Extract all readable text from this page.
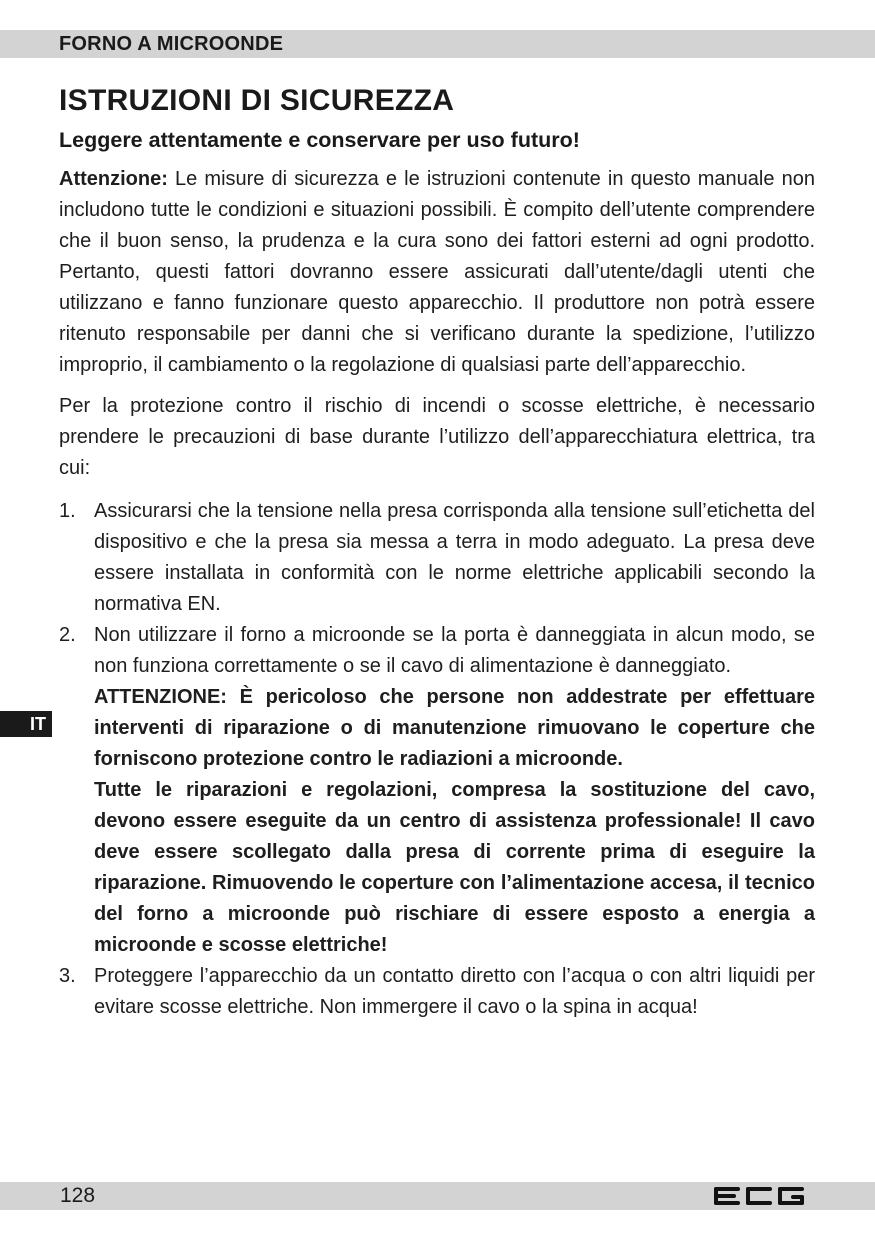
FORNO A MICROONDE
ISTRUZIONI DI SICUREZZA
Leggere attentamente e conservare per uso futuro!

Attenzione: Le misure di sicurezza e le istruzioni contenute in questo manuale non includono tutte le condizioni e situazioni possibili. È compito dell’utente comprendere che il buon senso, la prudenza e la cura sono dei fattori esterni ad ogni prodotto. Pertanto, questi fattori dovranno essere assicurati dall’utente/dagli utenti che utilizzano e fanno funzionare questo apparecchio. Il produttore non potrà essere ritenuto responsabile per danni che si verificano durante la spedizione, l’utilizzo improprio, il cambiamento o la regolazione di qualsiasi parte dell’apparecchio.

Per la protezione contro il rischio di incendi o scosse elettriche, è necessario prendere le precauzioni di base durante l’utilizzo dell’apparecchiatura elettrica, tra cui:

1. Assicurarsi che la tensione nella presa corrisponda alla tensione sull’etichetta del dispositivo e che la presa sia messa a terra in modo adeguato. La presa deve essere installata in conformità con le norme elettriche applicabili secondo la normativa EN.

2. Non utilizzare il forno a microonde se la porta è danneggiata in alcun modo, se non funziona correttamente o se il cavo di alimentazione è danneggiato.

ATTENZIONE: È pericoloso che persone non addestrate per effettuare interventi di riparazione o di manutenzione rimuovano le coperture che forniscono protezione contro le radiazioni a microonde.

Tutte le riparazioni e regolazioni, compresa la sostituzione del cavo, devono essere eseguite da un centro di assistenza professionale! Il cavo deve essere scollegato dalla presa di corrente prima di eseguire la riparazione. Rimuovendo le coperture con l’alimentazione accesa, il tecnico del forno a microonde può rischiare di essere esposto a energia a microonde e scosse elettriche!

3. Proteggere l’apparecchio da un contatto diretto con l’acqua o con altri liquidi per evitare scosse elettriche. Non immergere il cavo o la spina in acqua!

IT
128
